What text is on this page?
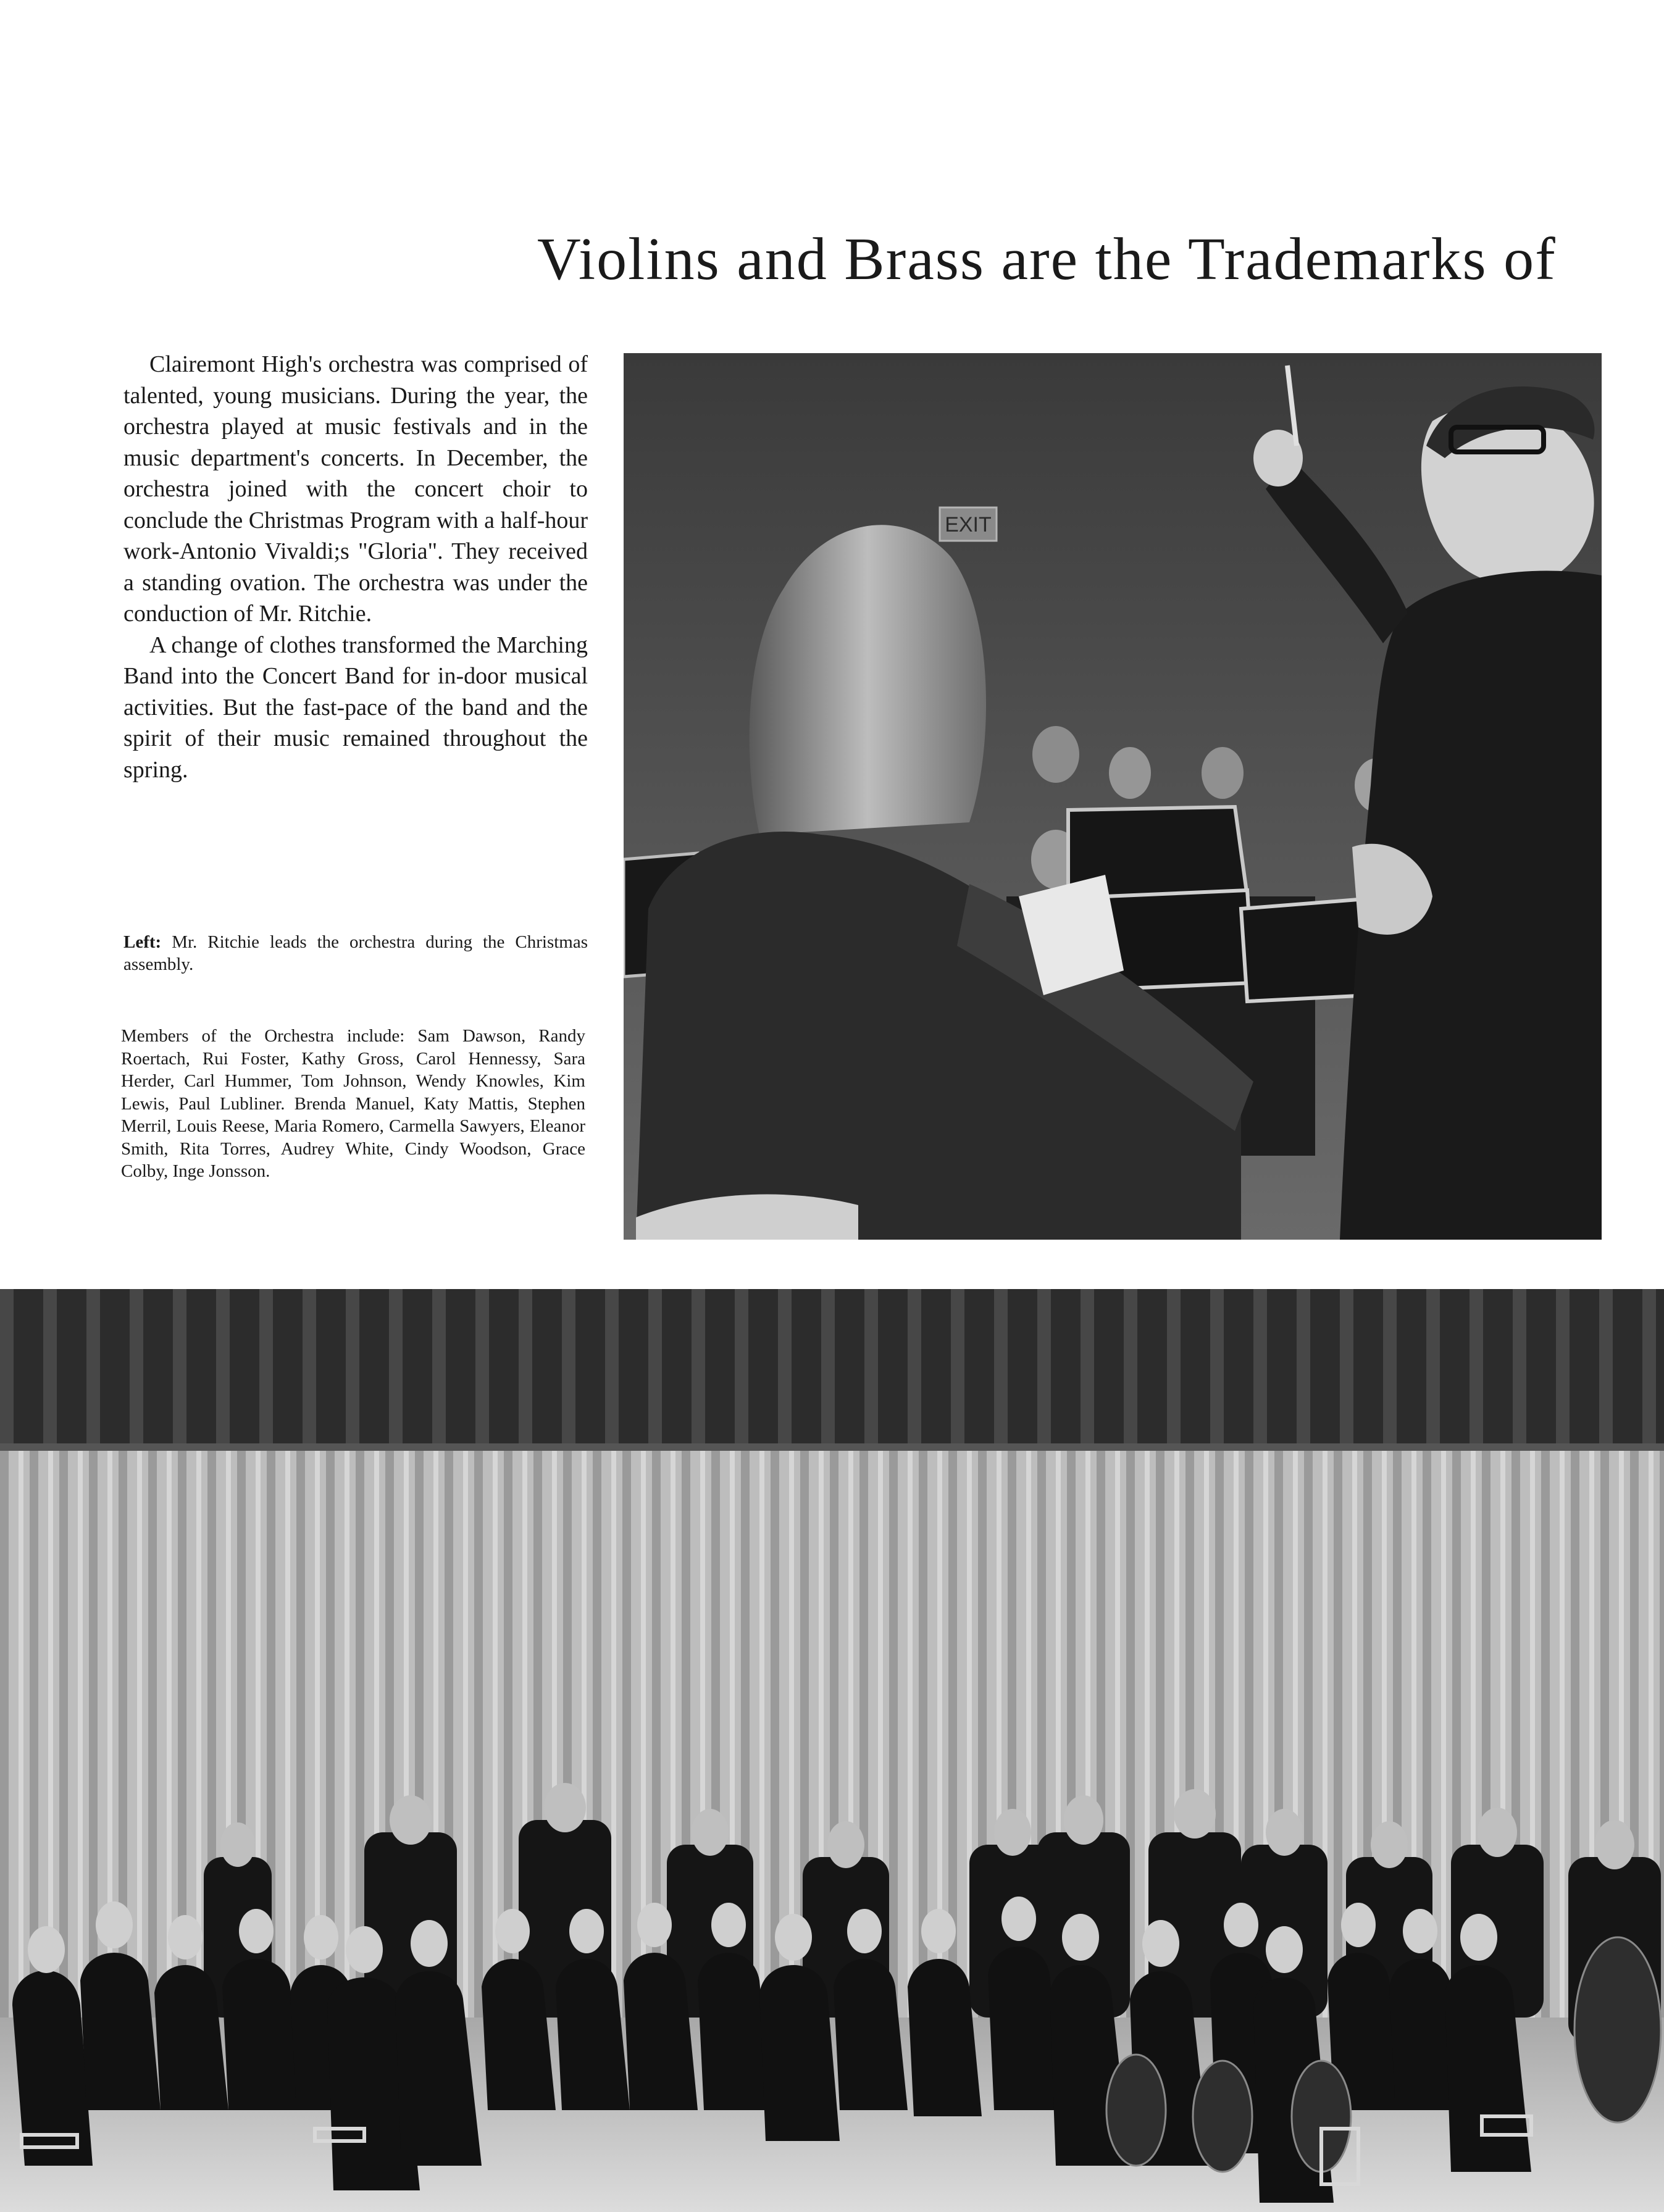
Violins and Brass are the Trademarks of

Clairemont High's orchestra was comprised of talented, young musicians. During the year, the orchestra played at music festivals and in the music department's concerts. In December, the orchestra joined with the concert choir to conclude the Christmas Program with a half-hour work-Antonio Vivaldi;s "Gloria". They received a standing ovation. The orchestra was under the conduction of Mr. Ritchie.

A change of clothes transformed the Marching Band into the Concert Band for in-door musical activities. But the fast-pace of the band and the spirit of their music remained throughout the spring.

Left: Mr. Ritchie leads the orchestra during the Christmas assembly.
Members of the Orchestra include: Sam Dawson, Randy Roertach, Rui Foster, Kathy Gross, Carol Hennessy, Sara Herder, Carl Hummer, Tom Johnson, Wendy Knowles, Kim Lewis, Paul Lubliner. Brenda Manuel, Katy Mattis, Stephen Merril, Louis Reese, Maria Romero, Carmella Sawyers, Eleanor Smith, Rita Torres, Audrey White, Cindy Woodson, Grace Colby, Inge Jonsson.
EXIT
